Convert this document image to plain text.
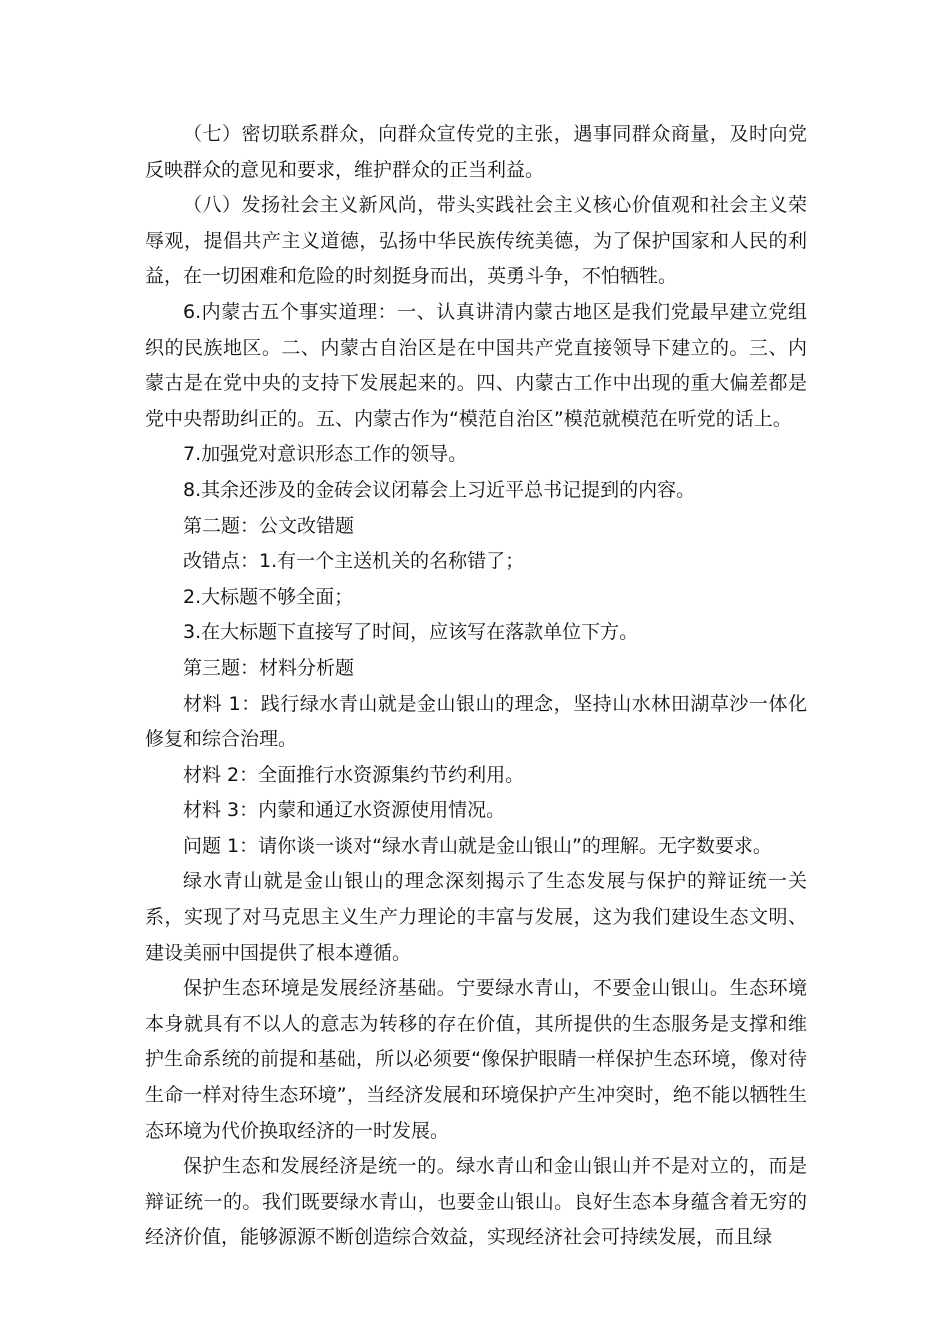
（七）密切联系群众，向群众宣传党的主张，遇事同群众商量，及时向党反映群众的意见和要求，维护群众的正当利益。

（八）发扬社会主义新风尚，带头实践社会主义核心价值观和社会主义荣辱观，提倡共产主义道德，弘扬中华民族传统美德，为了保护国家和人民的利益，在一切困难和危险的时刻挺身而出，英勇斗争，不怕牺牲。

6.内蒙古五个事实道理：一、认真讲清内蒙古地区是我们党最早建立党组织的民族地区。二、内蒙古自治区是在中国共产党直接领导下建立的。三、内蒙古是在党中央的支持下发展起来的。四、内蒙古工作中出现的重大偏差都是党中央帮助纠正的。五、内蒙古作为“模范自治区”模范就模范在听党的话上。

7.加强党对意识形态工作的领导。

8.其余还涉及的金砖会议闭幕会上习近平总书记提到的内容。

第二题：公文改错题

改错点：1.有一个主送机关的名称错了；

2.大标题不够全面；

3.在大标题下直接写了时间，应该写在落款单位下方。

第三题：材料分析题

材料 1：践行绿水青山就是金山银山的理念，坚持山水林田湖草沙一体化修复和综合治理。

材料 2：全面推行水资源集约节约利用。

材料 3：内蒙和通辽水资源使用情况。

问题 1：请你谈一谈对“绿水青山就是金山银山”的理解。无字数要求。

绿水青山就是金山银山的理念深刻揭示了生态发展与保护的辩证统一关系，实现了对马克思主义生产力理论的丰富与发展，这为我们建设生态文明、建设美丽中国提供了根本遵循。

保护生态环境是发展经济基础。宁要绿水青山，不要金山银山。生态环境本身就具有不以人的意志为转移的存在价值，其所提供的生态服务是支撑和维护生命系统的前提和基础，所以必须要“像保护眼睛一样保护生态环境，像对待生命一样对待生态环境”，当经济发展和环境保护产生冲突时，绝不能以牺牲生态环境为代价换取经济的一时发展。

保护生态和发展经济是统一的。绿水青山和金山银山并不是对立的，而是辩证统一的。我们既要绿水青山，也要金山银山。良好生态本身蕴含着无穷的经济价值，能够源源不断创造综合效益，实现经济社会可持续发展，而且绿
